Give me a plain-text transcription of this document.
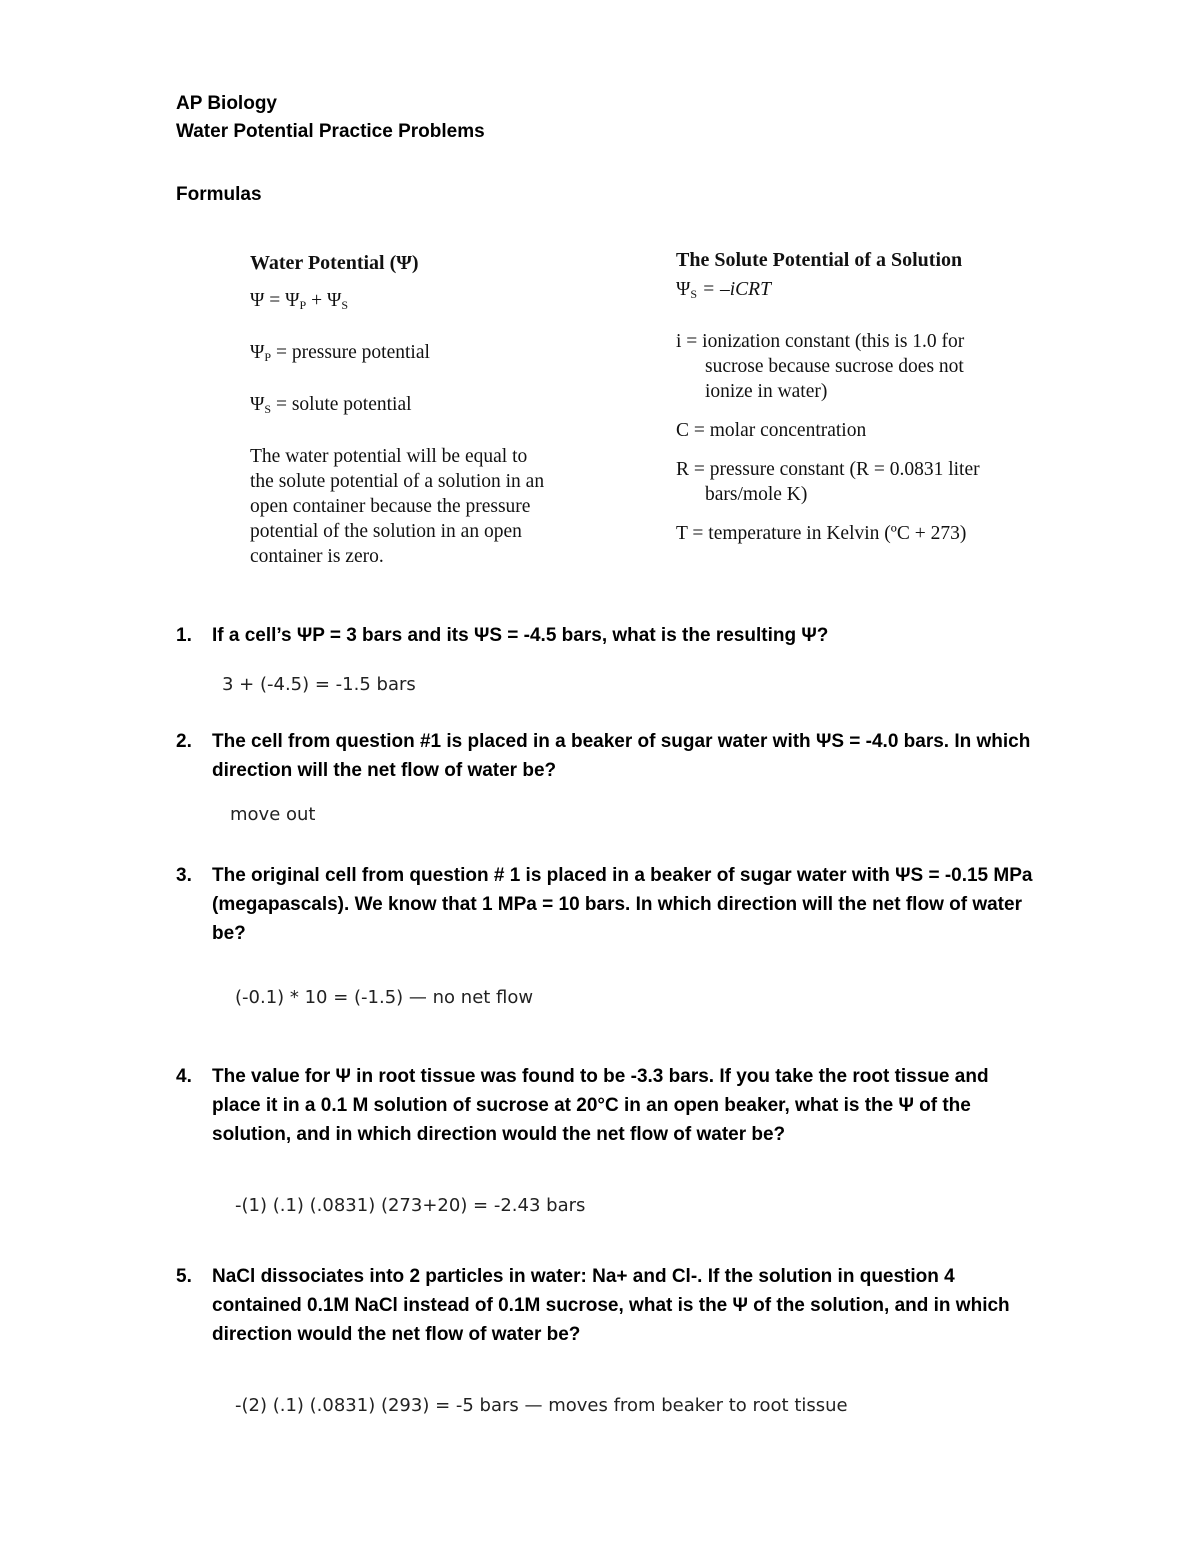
AP Biology
Water Potential Practice Problems
Formulas
Water Potential (Ψ)
$\Psi = \Psi_P + \Psi_S$
$\Psi_P$ = pressure potential
$\Psi_S$ = solute potential
The water potential will be equal to
the solute potential of a solution in an
open container because the pressure
potential of the solution in an open
container is zero.
The Solute Potential of a Solution
$\Psi_S$ = –iCRT
i = ionization constant (this is 1.0 for
sucrose because sucrose does not
ionize in water)
C = molar concentration
R = pressure constant (R = 0.0831 liter
bars/mole K)
T = temperature in Kelvin (ºC + 273)
1.	If a cell’s ΨP = 3 bars and its ΨS = -4.5 bars, what is the resulting Ψ?
3 + (-4.5) = -1.5 bars
2.	The cell from question #1 is placed in a beaker of sugar water with ΨS = -4.0 bars. In which direction will the net flow of water be?
move out
3.	The original cell from question # 1 is placed in a beaker of sugar water with ΨS = -0.15 MPa (megapascals). We know that 1 MPa = 10 bars. In which direction will the net flow of water be?
(-0.1) * 10 = (-1.5) — no net flow
4.	The value for Ψ in root tissue was found to be -3.3 bars. If you take the root tissue and place it in a 0.1 M solution of sucrose at 20°C in an open beaker, what is the Ψ of the solution, and in which direction would the net flow of water be?
-(1) (.1) (.0831) (273+20) = -2.43 bars
5.	NaCl dissociates into 2 particles in water: Na+ and Cl-. If the solution in question 4 contained 0.1M NaCl instead of 0.1M sucrose, what is the Ψ of the solution, and in which direction would the net flow of water be?
-(2) (.1) (.0831) (293) = -5 bars — moves from beaker to root tissue
